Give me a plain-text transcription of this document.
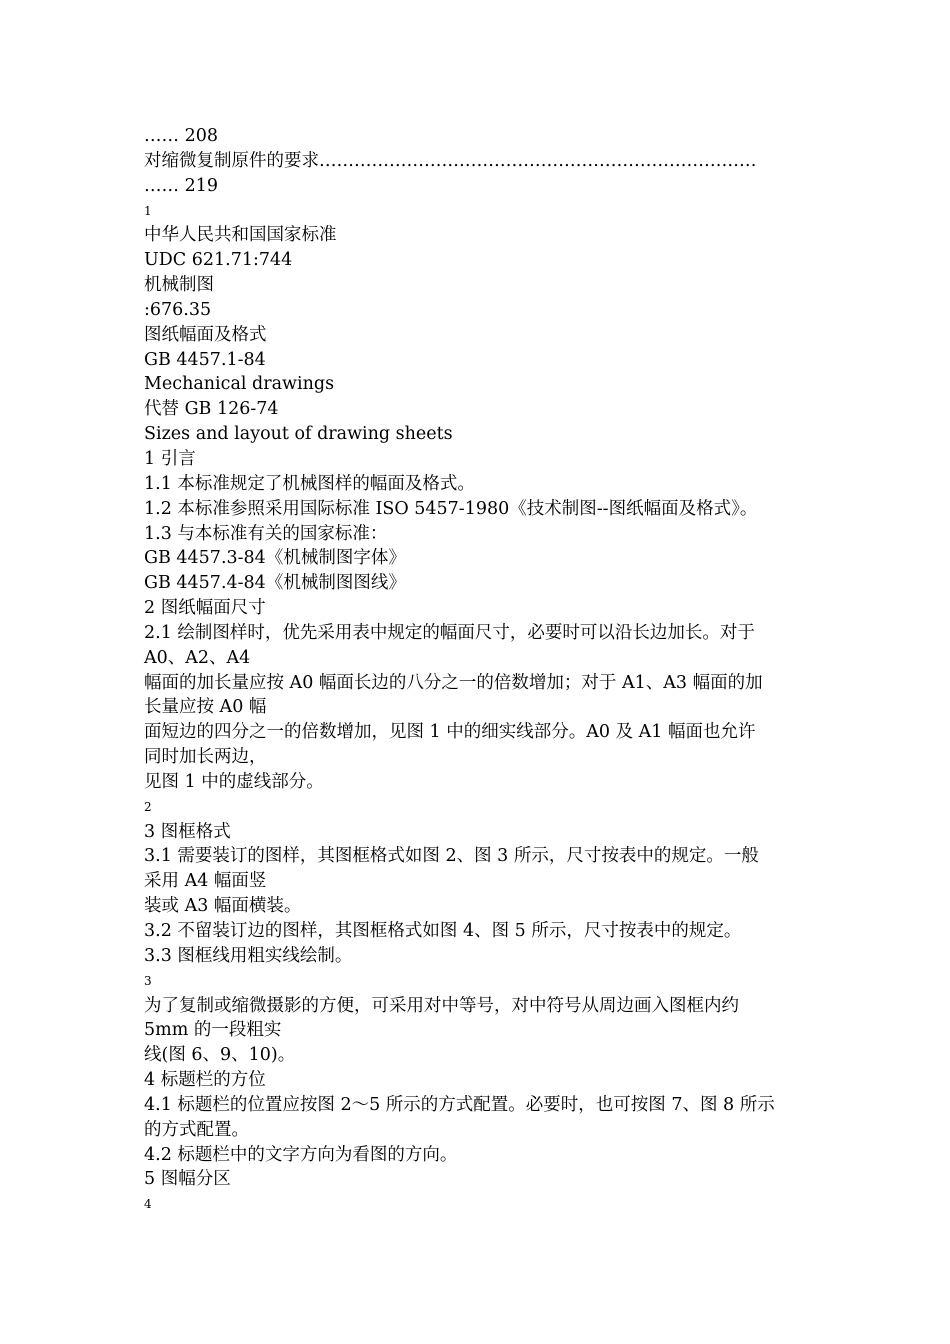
…… 208
对缩微复制原件的要求…………………………………………………………………
…… 219
1
中华人民共和国国家标准
UDC 621.71:744
机械制图
:676.35
图纸幅面及格式
GB 4457.1-84
Mechanical drawings
代替 GB 126-74
Sizes and layout of drawing sheets
1 引言
1.1 本标准规定了机械图样的幅面及格式。
1.2 本标准参照采用国际标准 ISO 5457-1980《技术制图--图纸幅面及格式》。
1.3 与本标准有关的国家标准：
GB 4457.3-84《机械制图字体》
GB 4457.4-84《机械制图图线》
2 图纸幅面尺寸
2.1 绘制图样时，优先采用表中规定的幅面尺寸，必要时可以沿长边加长。对于
A0、A2、A4
幅面的加长量应按 A0 幅面长边的八分之一的倍数增加；对于 A1、A3 幅面的加
长量应按 A0 幅
面短边的四分之一的倍数增加，见图 1 中的细实线部分。A0 及 A1 幅面也允许
同时加长两边，
见图 1 中的虚线部分。
2
3 图框格式
3.1 需要装订的图样，其图框格式如图 2、图 3 所示，尺寸按表中的规定。一般
采用 A4 幅面竖
装或 A3 幅面横装。
3.2 不留装订边的图样，其图框格式如图 4、图 5 所示，尺寸按表中的规定。
3.3 图框线用粗实线绘制。
3
为了复制或缩微摄影的方便，可采用对中等号，对中符号从周边画入图框内约
5mm 的一段粗实
线(图 6、9、10)。
4 标题栏的方位
4.1 标题栏的位置应按图 2～5 所示的方式配置。必要时，也可按图 7、图 8 所示
的方式配置。
4.2 标题栏中的文字方向为看图的方向。
5 图幅分区
4
